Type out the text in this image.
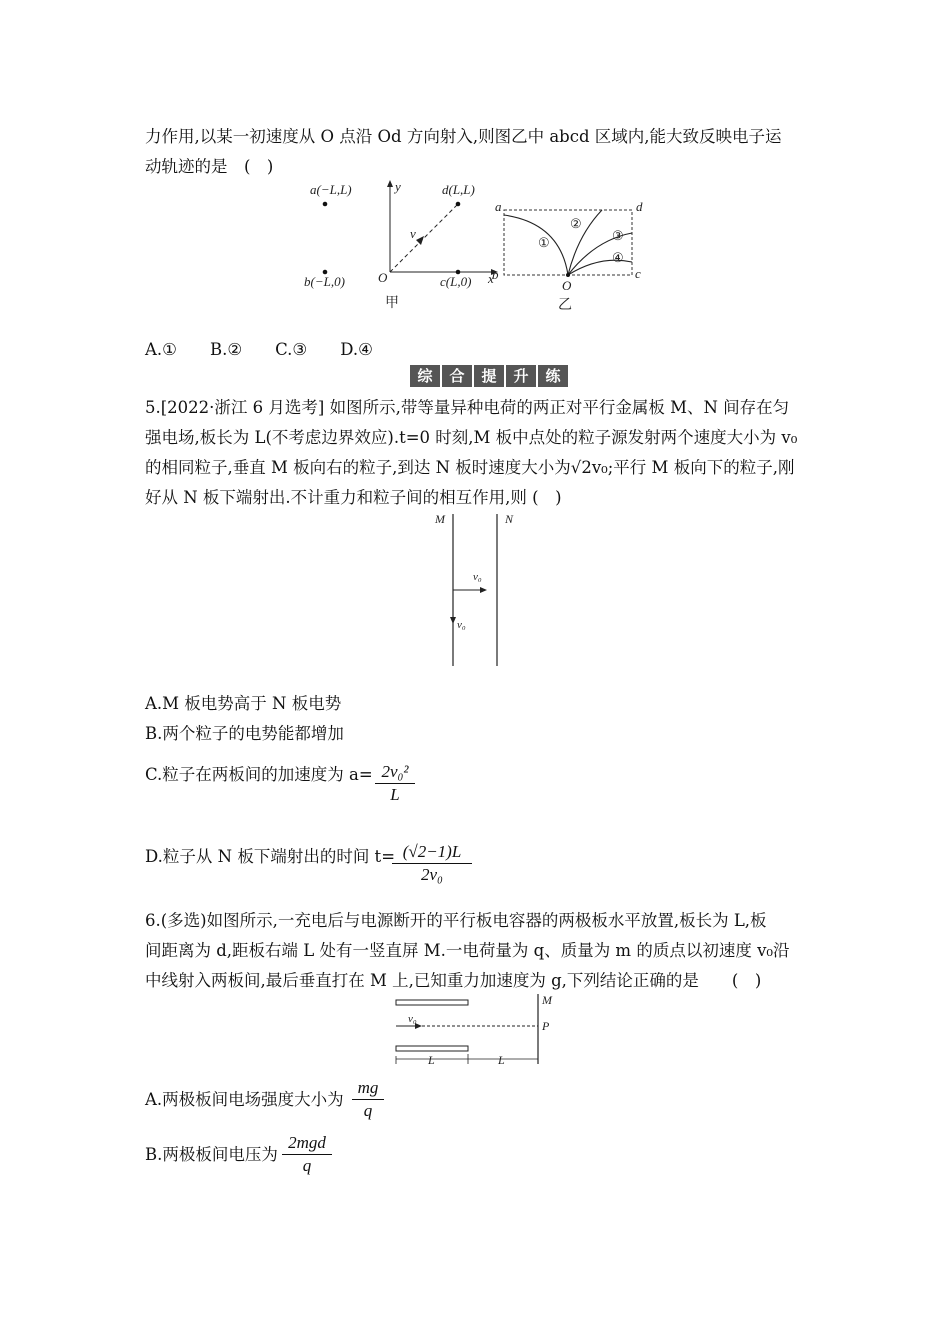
力作用,以某一初速度从 O 点沿 Od 方向射入,则图乙中 abcd 区域内,能大致反映电子运
动轨迹的是　(　)
a(−L,L)	d(L,L)
b(−L,0)	c(L,0)
O	x
y
v
甲
a	d
b	c
O
①
②
③
④
乙
A.①　　B.②　　C.③　　D.④
综	合	提	升	练
5.[2022·浙江 6 月选考] 如图所示,带等量异种电荷的两正对平行金属板 M、N 间存在匀
强电场,板长为 L(不考虑边界效应).t=0 时刻,M 板中点处的粒子源发射两个速度大小为 v₀
的相同粒子,垂直 M 板向右的粒子,到达 N 板时速度大小为√2v₀;平行 M 板向下的粒子,刚
好从 N 板下端射出.不计重力和粒子间的相互作用,则 (　)
M	N
v₀
v₀
A.M 板电势高于 N 板电势
B.两个粒子的电势能都增加
C.粒子在两板间的加速度为 a= 2v₀²
L
D.粒子从 N 板下端射出的时间 t= (√2−1)L
2v₀
6.(多选)如图所示,一充电后与电源断开的平行板电容器的两极板水平放置,板长为 L,板
间距离为 d,距板右端 L 处有一竖直屏 M.一电荷量为 q、质量为 m 的质点以初速度 v₀沿
中线射入两板间,最后垂直打在 M 上,已知重力加速度为 g,下列结论正确的是　　(　)
v₀
M
P
L	L
A.两极板间电场强度大小为
mg
q
B.两极板间电压为
2mgd
q
